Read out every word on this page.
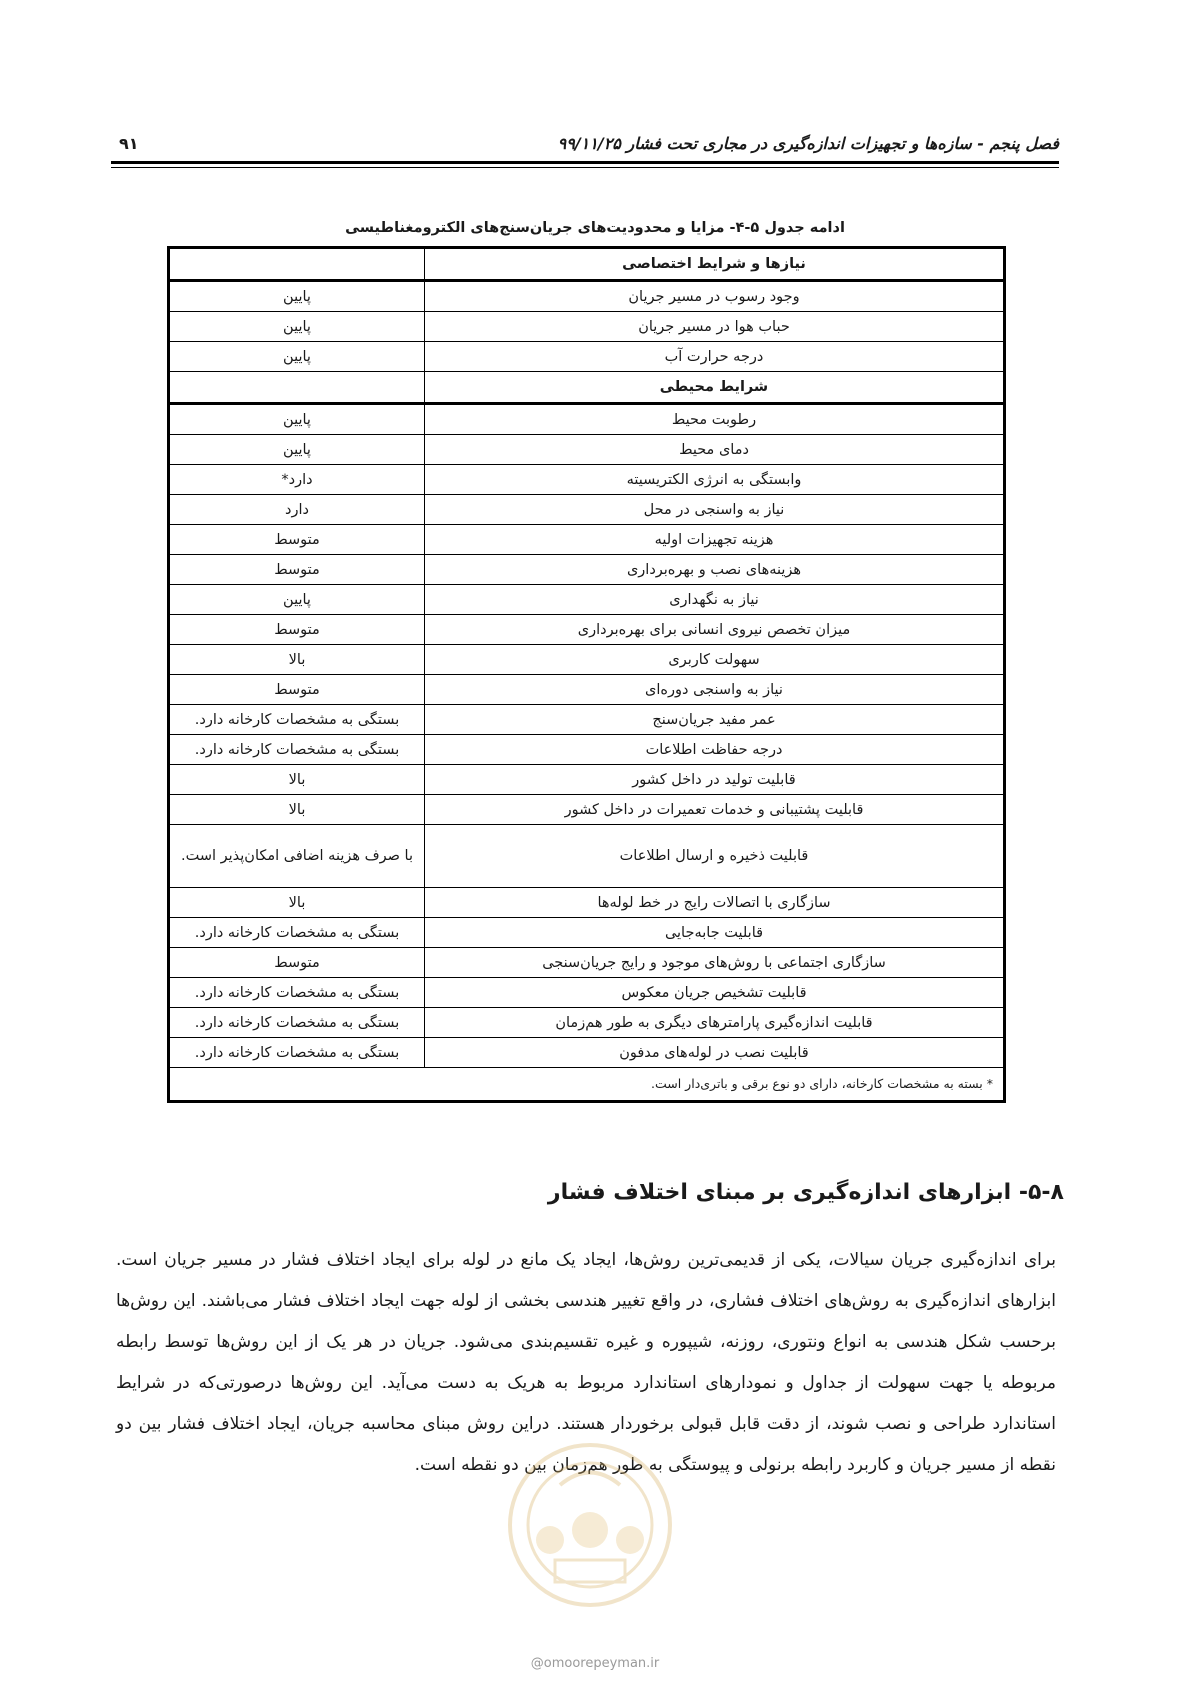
فصل پنجم - سازه‌ها و تجهیزات اندازه‌گیری در مجاری تحت فشار ۹۹/۱۱/۲۵
۹۱
ادامه جدول ۵-۴- مزایا و محدودیت‌های جریان‌سنج‌های الکترومغناطیسی
نیازها و شرایط اختصاصی	
وجود رسوب در مسیر جریان	پایین
حباب هوا در مسیر جریان	پایین
درجه حرارت آب	پایین
شرایط محیطی	
رطوبت محیط	پایین
دمای محیط	پایین
وابستگی به انرژی الکتریسیته	دارد*
نیاز به واسنجی در محل	دارد
هزینه تجهیزات اولیه	متوسط
هزینه‌های نصب و بهره‌برداری	متوسط
نیاز به نگهداری	پایین
میزان تخصص نیروی انسانی برای بهره‌برداری	متوسط
سهولت کاربری	بالا
نیاز به واسنجی دوره‌ای	متوسط
عمر مفید جریان‌سنج	بستگی به مشخصات کارخانه دارد.
درجه حفاظت اطلاعات	بستگی به مشخصات کارخانه دارد.
قابلیت تولید در داخل کشور	بالا
قابلیت پشتیبانی و خدمات تعمیرات در داخل کشور	بالا
قابلیت ذخیره و ارسال اطلاعات	با صرف هزینه اضافی امکان‌پذیر است.
سازگاری با اتصالات رایج در خط لوله‌ها	بالا
قابلیت جابه‌جایی	بستگی به مشخصات کارخانه دارد.
سازگاری اجتماعی با روش‌های موجود و رایج جریان‌سنجی	متوسط
قابلیت تشخیص جریان معکوس	بستگی به مشخصات کارخانه دارد.
قابلیت اندازه‌گیری پارامترهای دیگری به طور هم‌زمان	بستگی به مشخصات کارخانه دارد.
قابلیت نصب در لوله‌های مدفون	بستگی به مشخصات کارخانه دارد.
* بسته به مشخصات کارخانه، دارای دو نوع برقی و باتری‌دار است.	
۵-۸- ابزارهای اندازه‌گیری بر مبنای اختلاف فشار
برای اندازه‌گیری جریان سیالات، یکی از قدیمی‌ترین روش‌ها، ایجاد یک مانع در لوله برای ایجاد اختلاف فشار در مسیر جریان است. ابزارهای اندازه‌گیری به روش‌های اختلاف فشاری، در واقع تغییر هندسی بخشی از لوله جهت ایجاد اختلاف فشار می‌باشند. این روش‌ها برحسب شکل هندسی به انواع ونتوری، روزنه، شیپوره و غیره تقسیم‌بندی می‌شود. جریان در هر یک از این روش‌ها توسط رابطه مربوطه یا جهت سهولت از جداول و نمودارهای استاندارد مربوط به هریک به دست می‌آید. این روش‌ها درصورتی‌که در شرایط استاندارد طراحی و نصب شوند، از دقت قابل قبولی برخوردار هستند. دراین روش مبنای محاسبه جریان، ایجاد اختلاف فشار بین دو نقطه از مسیر جریان و کاربرد رابطه برنولی و پیوستگی به طور هم‌زمان بین دو نقطه است.
@omoorepeyman.ir
